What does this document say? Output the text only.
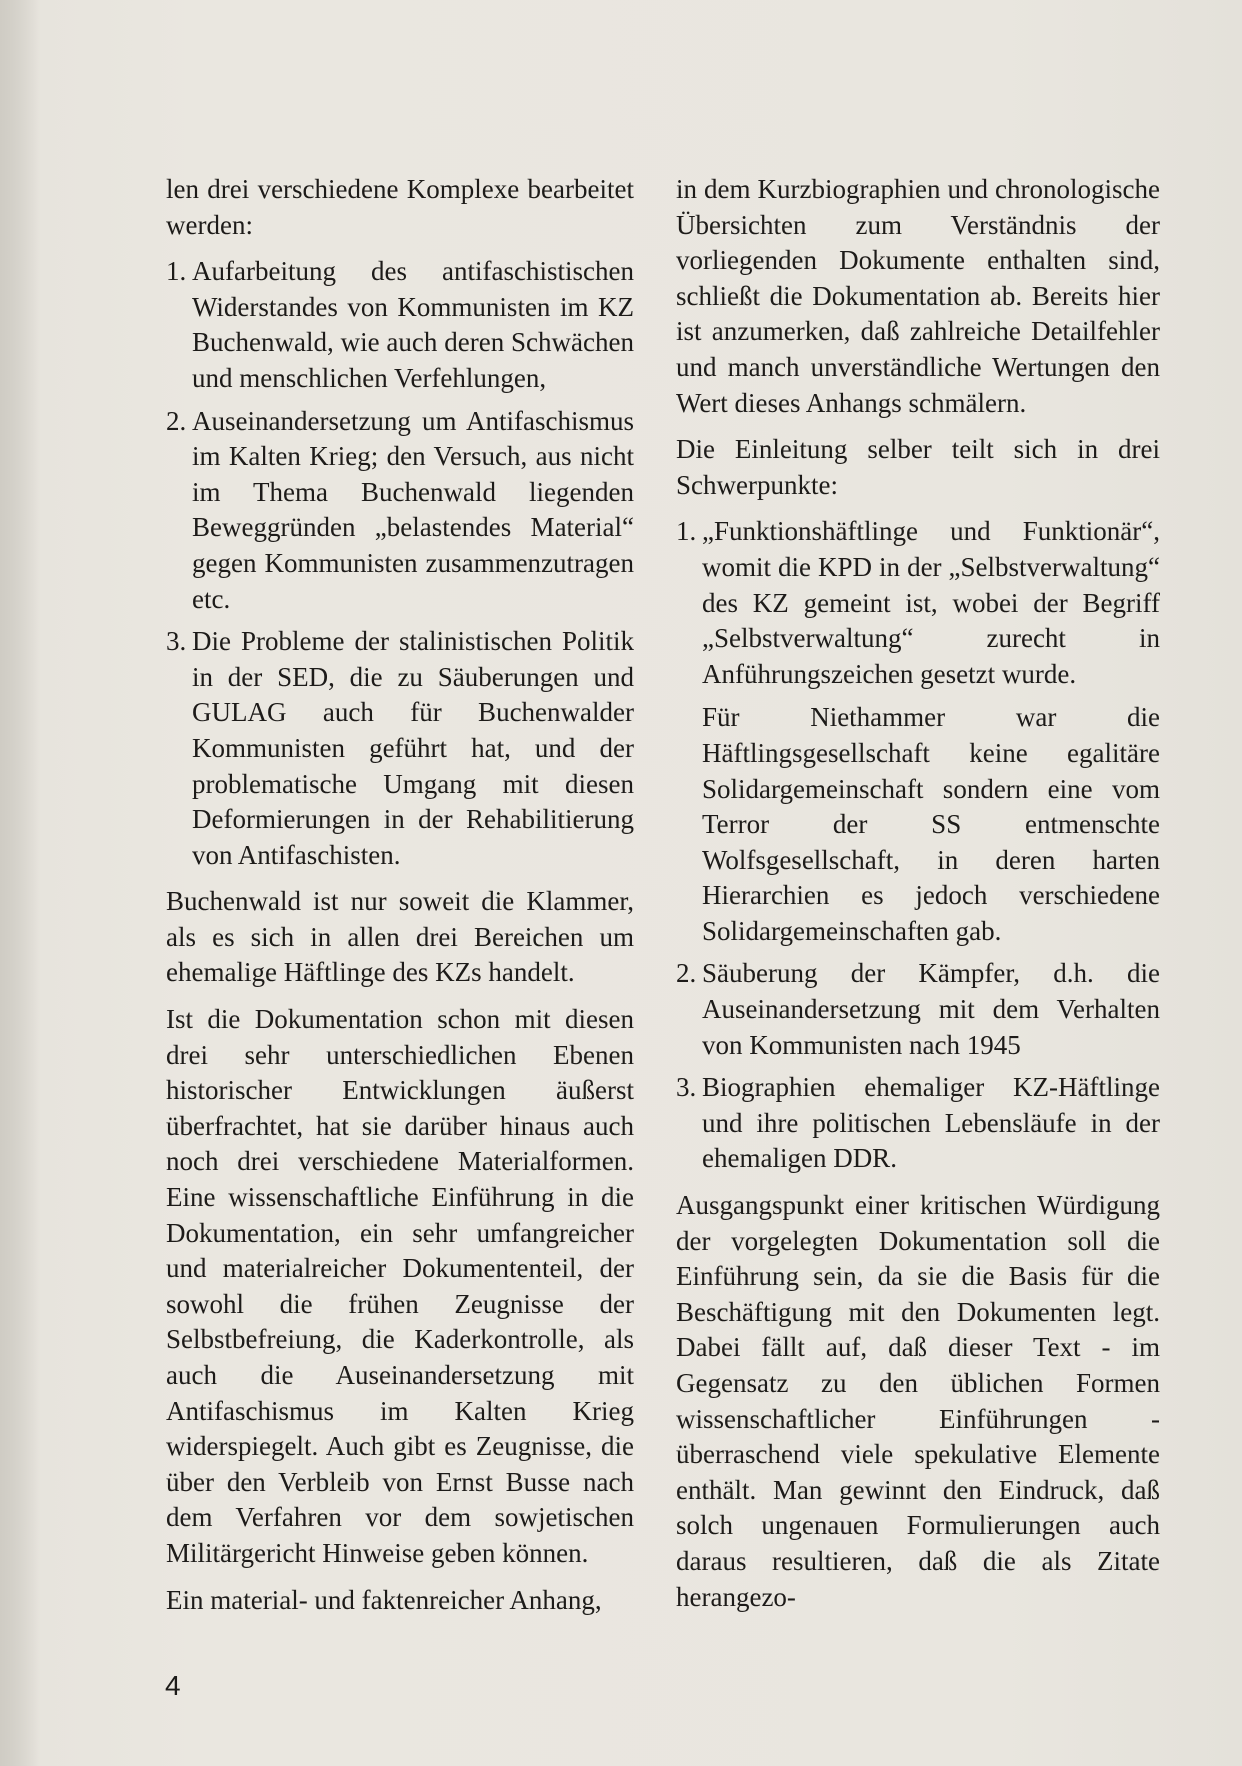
len drei verschiedene Komplexe bearbeitet werden:

1. Aufarbeitung des antifaschistischen Widerstandes von Kommunisten im KZ Buchenwald, wie auch deren Schwächen und menschlichen Verfehlungen,
2. Auseinandersetzung um Antifaschismus im Kalten Krieg; den Versuch, aus nicht im Thema Buchenwald liegenden Beweggründen „belastendes Material“ gegen Kommunisten zusammenzutragen etc.
3. Die Probleme der stalinistischen Politik in der SED, die zu Säuberungen und GULAG auch für Buchenwalder Kommunisten geführt hat, und der problematische Umgang mit diesen Deformierungen in der Rehabilitierung von Antifaschisten.

Buchenwald ist nur soweit die Klammer, als es sich in allen drei Bereichen um ehemalige Häftlinge des KZs handelt.

Ist die Dokumentation schon mit diesen drei sehr unterschiedlichen Ebenen historischer Entwicklungen äußerst überfrachtet, hat sie darüber hinaus auch noch drei verschiedene Materialformen. Eine wissenschaftliche Einführung in die Dokumentation, ein sehr umfangreicher und materialreicher Dokumententeil, der sowohl die frühen Zeugnisse der Selbstbefreiung, die Kaderkontrolle, als auch die Auseinandersetzung mit Antifaschismus im Kalten Krieg widerspiegelt. Auch gibt es Zeugnisse, die über den Verbleib von Ernst Busse nach dem Verfahren vor dem sowjetischen Militärgericht Hinweise geben können.

Ein material- und faktenreicher Anhang,

in dem Kurzbiographien und chronologische Übersichten zum Verständnis der vorliegenden Dokumente enthalten sind, schließt die Dokumentation ab. Bereits hier ist anzumerken, daß zahlreiche Detailfehler und manch unverständliche Wertungen den Wert dieses Anhangs schmälern.

Die Einleitung selber teilt sich in drei Schwerpunkte:

1. „Funktionshäftlinge und Funktionär“, womit die KPD in der „Selbstverwaltung“ des KZ gemeint ist, wobei der Begriff „Selbstverwaltung“ zurecht in Anführungszeichen gesetzt wurde.
Für Niethammer war die Häftlingsgesellschaft keine egalitäre Solidargemeinschaft sondern eine vom Terror der SS entmenschte Wolfsgesellschaft, in deren harten Hierarchien es jedoch verschiedene Solidargemeinschaften gab.
2. Säuberung der Kämpfer, d.h. die Auseinandersetzung mit dem Verhalten von Kommunisten nach 1945
3. Biographien ehemaliger KZ-Häftlinge und ihre politischen Lebensläufe in der ehemaligen DDR.

Ausgangspunkt einer kritischen Würdigung der vorgelegten Dokumentation soll die Einführung sein, da sie die Basis für die Beschäftigung mit den Dokumenten legt. Dabei fällt auf, daß dieser Text - im Gegensatz zu den üblichen Formen wissenschaftlicher Einführungen - überraschend viele spekulative Elemente enthält. Man gewinnt den Eindruck, daß solch ungenauen Formulierungen auch daraus resultieren, daß die als Zitate herangezo-

4
